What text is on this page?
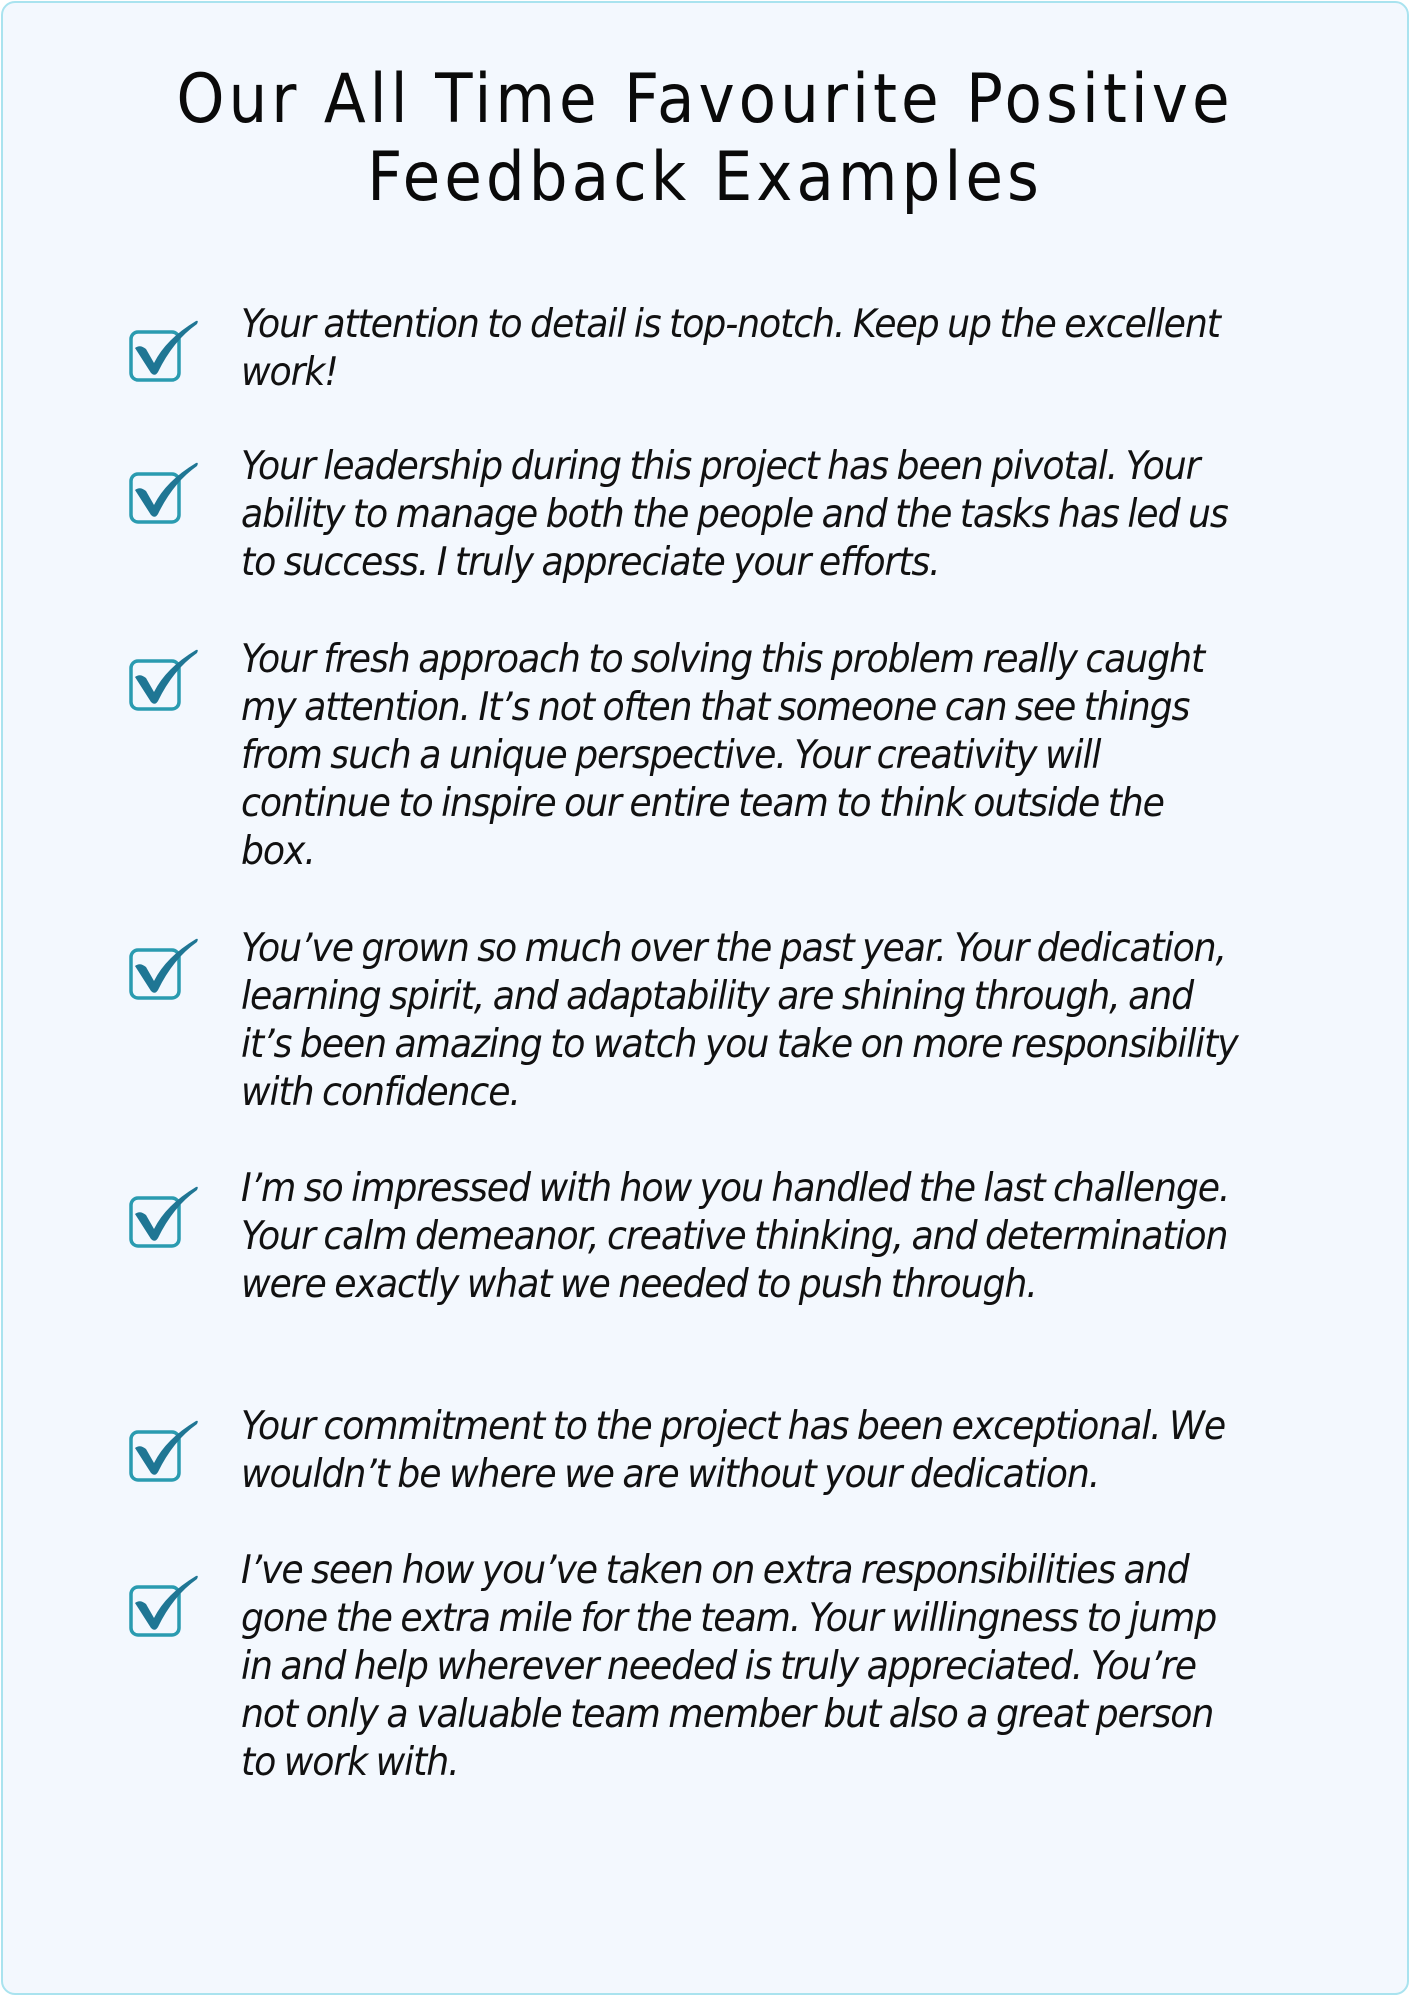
Our All Time Favourite Positive
Feedback Examples

Your attention to detail is top-notch. Keep up the excellent work!

Your leadership during this project has been pivotal. Your ability to manage both the people and the tasks has led us to success. I truly appreciate your efforts.

Your fresh approach to solving this problem really caught my attention. It’s not often that someone can see things from such a unique perspective. Your creativity will continue to inspire our entire team to think outside the box.

You’ve grown so much over the past year. Your dedication, learning spirit, and adaptability are shining through, and it’s been amazing to watch you take on more responsibility with confidence.

I’m so impressed with how you handled the last challenge. Your calm demeanor, creative thinking, and determination were exactly what we needed to push through.

Your commitment to the project has been exceptional. We wouldn’t be where we are without your dedication.

I’ve seen how you’ve taken on extra responsibilities and gone the extra mile for the team. Your willingness to jump in and help wherever needed is truly appreciated. You’re not only a valuable team member but also a great person to work with.
